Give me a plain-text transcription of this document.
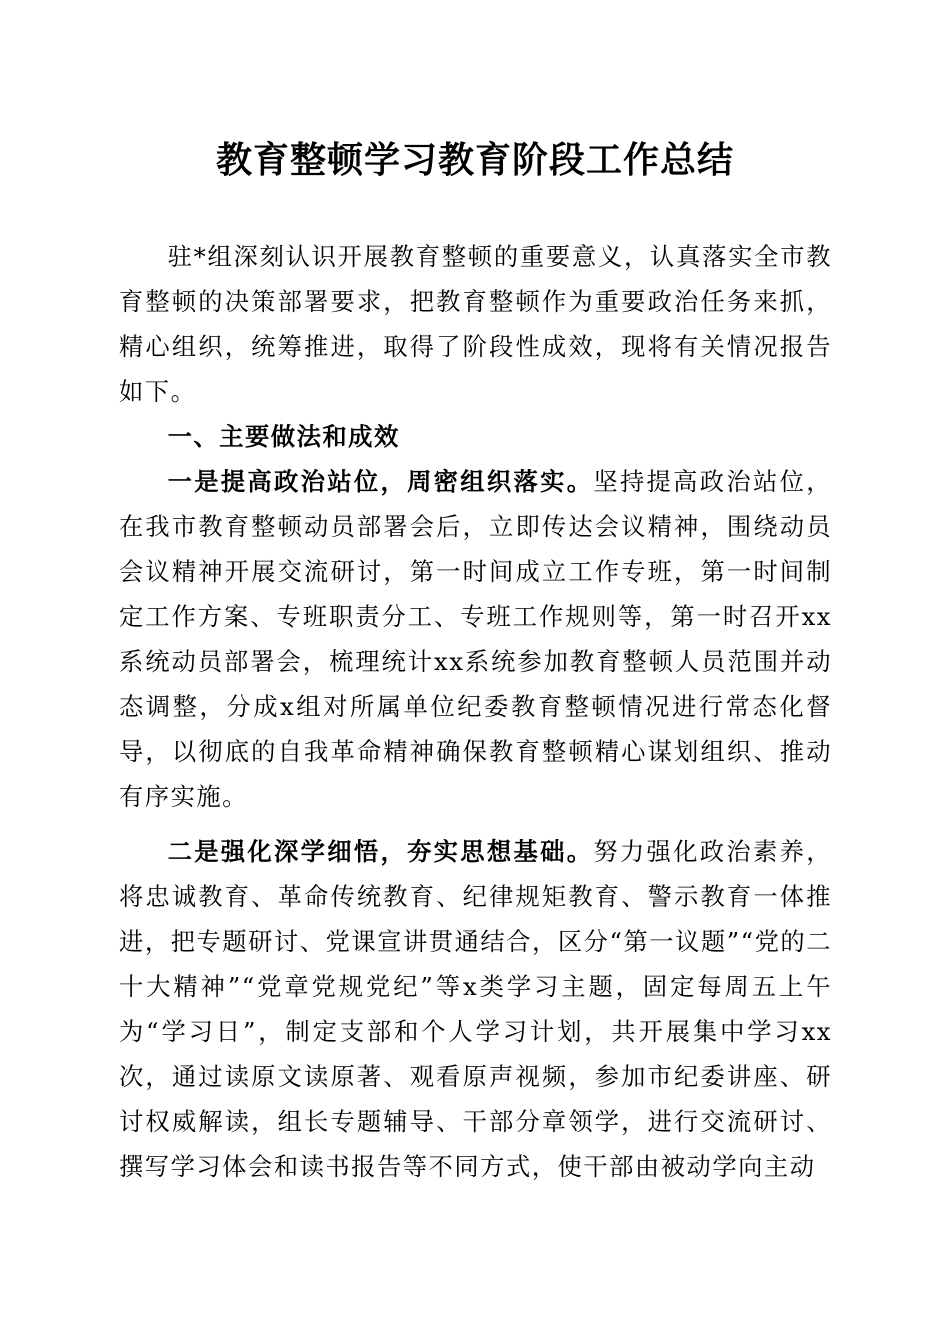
教育整顿学习教育阶段工作总结

驻*组深刻认识开展教育整顿的重要意义，认真落实全市教育整顿的决策部署要求，把教育整顿作为重要政治任务来抓，精心组织，统筹推进，取得了阶段性成效，现将有关情况报告如下。

一、主要做法和成效

一是提高政治站位，周密组织落实。坚持提高政治站位，在我市教育整顿动员部署会后，立即传达会议精神，围绕动员会议精神开展交流研讨，第一时间成立工作专班，第一时间制定工作方案、专班职责分工、专班工作规则等，第一时召开xx系统动员部署会，梳理统计xx系统参加教育整顿人员范围并动态调整，分成x组对所属单位纪委教育整顿情况进行常态化督导，以彻底的自我革命精神确保教育整顿精心谋划组织、推动有序实施。

二是强化深学细悟，夯实思想基础。努力强化政治素养，将忠诚教育、革命传统教育、纪律规矩教育、警示教育一体推进，把专题研讨、党课宣讲贯通结合，区分“第一议题”“党的二十大精神”“党章党规党纪”等x类学习主题，固定每周五上午为“学习日”，制定支部和个人学习计划，共开展集中学习xx次，通过读原文读原著、观看原声视频，参加市纪委讲座、研讨权威解读，组长专题辅导、干部分章领学，进行交流研讨、撰写学习体会和读书报告等不同方式，使干部由被动学向主动
